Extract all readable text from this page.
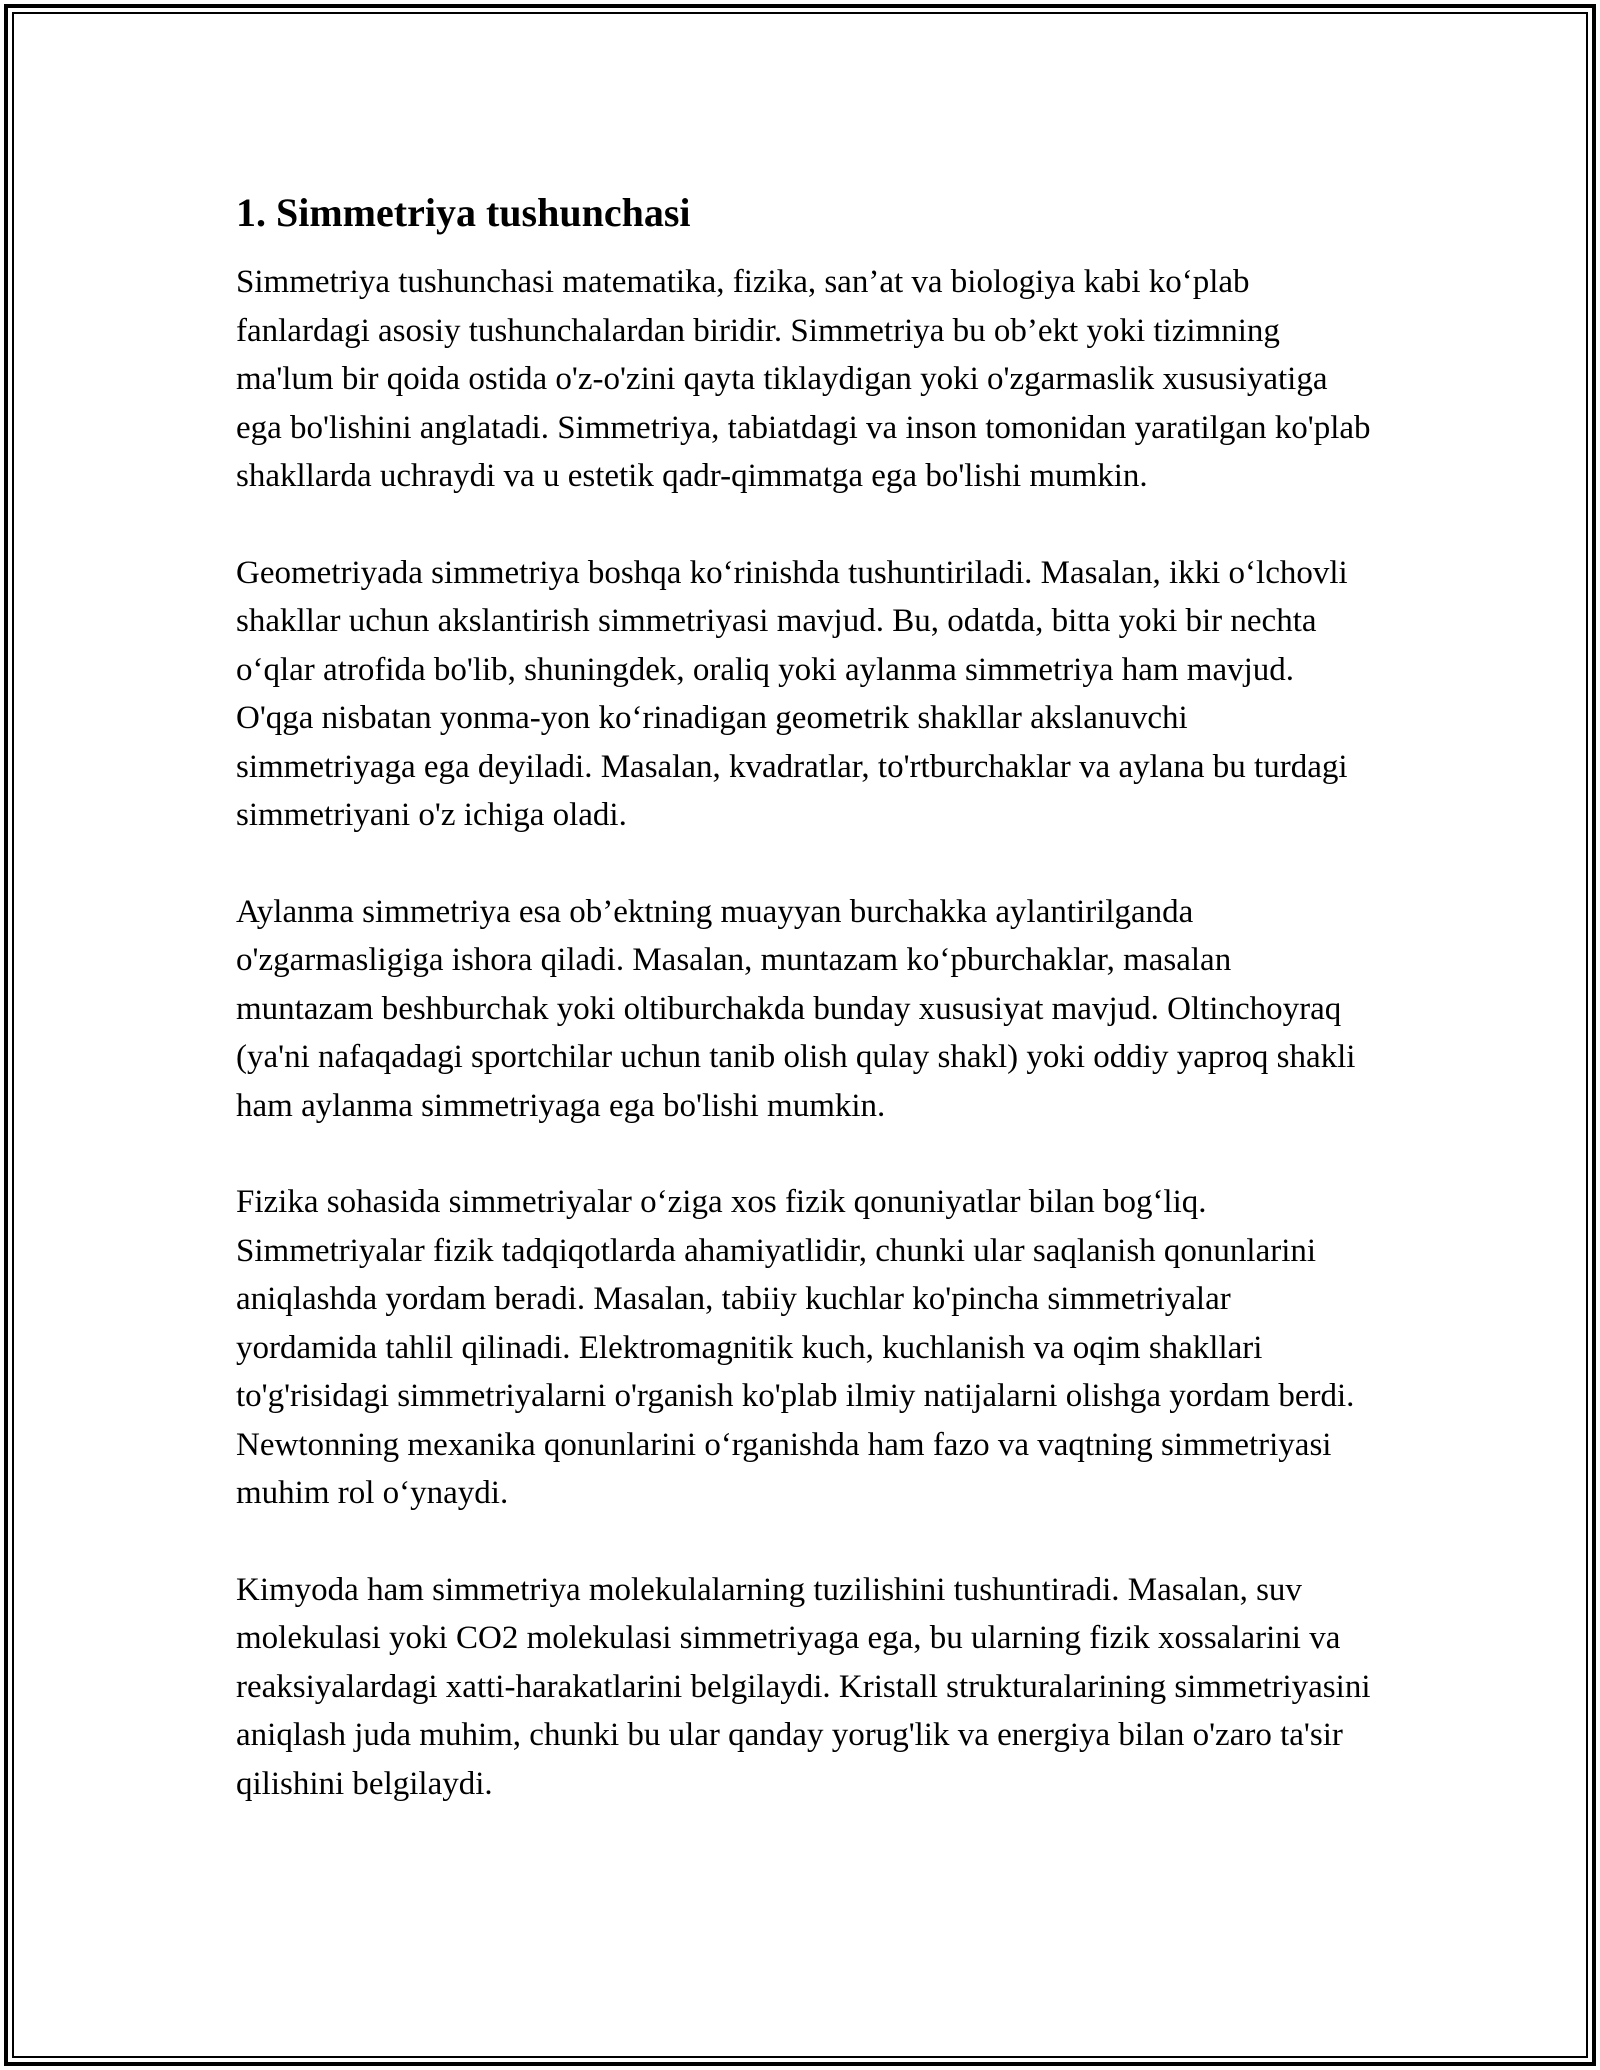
1. Simmetriya tushunchasi

Simmetriya tushunchasi matematika, fizika, san’at va biologiya kabi ko‘plab fanlardagi asosiy tushunchalardan biridir. Simmetriya bu ob’ekt yoki tizimning ma'lum bir qoida ostida o'z-o'zini qayta tiklaydigan yoki o'zgarmaslik xususiyatiga ega bo'lishini anglatadi. Simmetriya, tabiatdagi va inson tomonidan yaratilgan ko'plab shakllarda uchraydi va u estetik qadr-qimmatga ega bo'lishi mumkin.

Geometriyada simmetriya boshqa ko‘rinishda tushuntiriladi. Masalan, ikki o‘lchovli shakllar uchun akslantirish simmetriyasi mavjud. Bu, odatda, bitta yoki bir nechta o‘qlar atrofida bo'lib, shuningdek, oraliq yoki aylanma simmetriya ham mavjud. O'qga nisbatan yonma-yon ko‘rinadigan geometrik shakllar akslanuvchi simmetriyaga ega deyiladi. Masalan, kvadratlar, to'rtburchaklar va aylana bu turdagi simmetriyani o'z ichiga oladi.

Aylanma simmetriya esa ob’ektning muayyan burchakka aylantirilganda o'zgarmasligiga ishora qiladi. Masalan, muntazam ko‘pburchaklar, masalan muntazam beshburchak yoki oltiburchakda bunday xususiyat mavjud. Oltinchoyraq (ya'ni nafaqadagi sportchilar uchun tanib olish qulay shakl) yoki oddiy yaproq shakli ham aylanma simmetriyaga ega bo'lishi mumkin.

Fizika sohasida simmetriyalar o‘ziga xos fizik qonuniyatlar bilan bog‘liq. Simmetriyalar fizik tadqiqotlarda ahamiyatlidir, chunki ular saqlanish qonunlarini aniqlashda yordam beradi. Masalan, tabiiy kuchlar ko'pincha simmetriyalar yordamida tahlil qilinadi. Elektromagnitik kuch, kuchlanish va oqim shakllari to'g'risidagi simmetriyalarni o'rganish ko'plab ilmiy natijalarni olishga yordam berdi. Newtonning mexanika qonunlarini o‘rganishda ham fazo va vaqtning simmetriyasi muhim rol o‘ynaydi.

Kimyoda ham simmetriya molekulalarning tuzilishini tushuntiradi. Masalan, suv molekulasi yoki CO2 molekulasi simmetriyaga ega, bu ularning fizik xossalarini va reaksiyalardagi xatti-harakatlarini belgilaydi. Kristall strukturalarining simmetriyasini aniqlash juda muhim, chunki bu ular qanday yorug'lik va energiya bilan o'zaro ta'sir qilishini belgilaydi.
